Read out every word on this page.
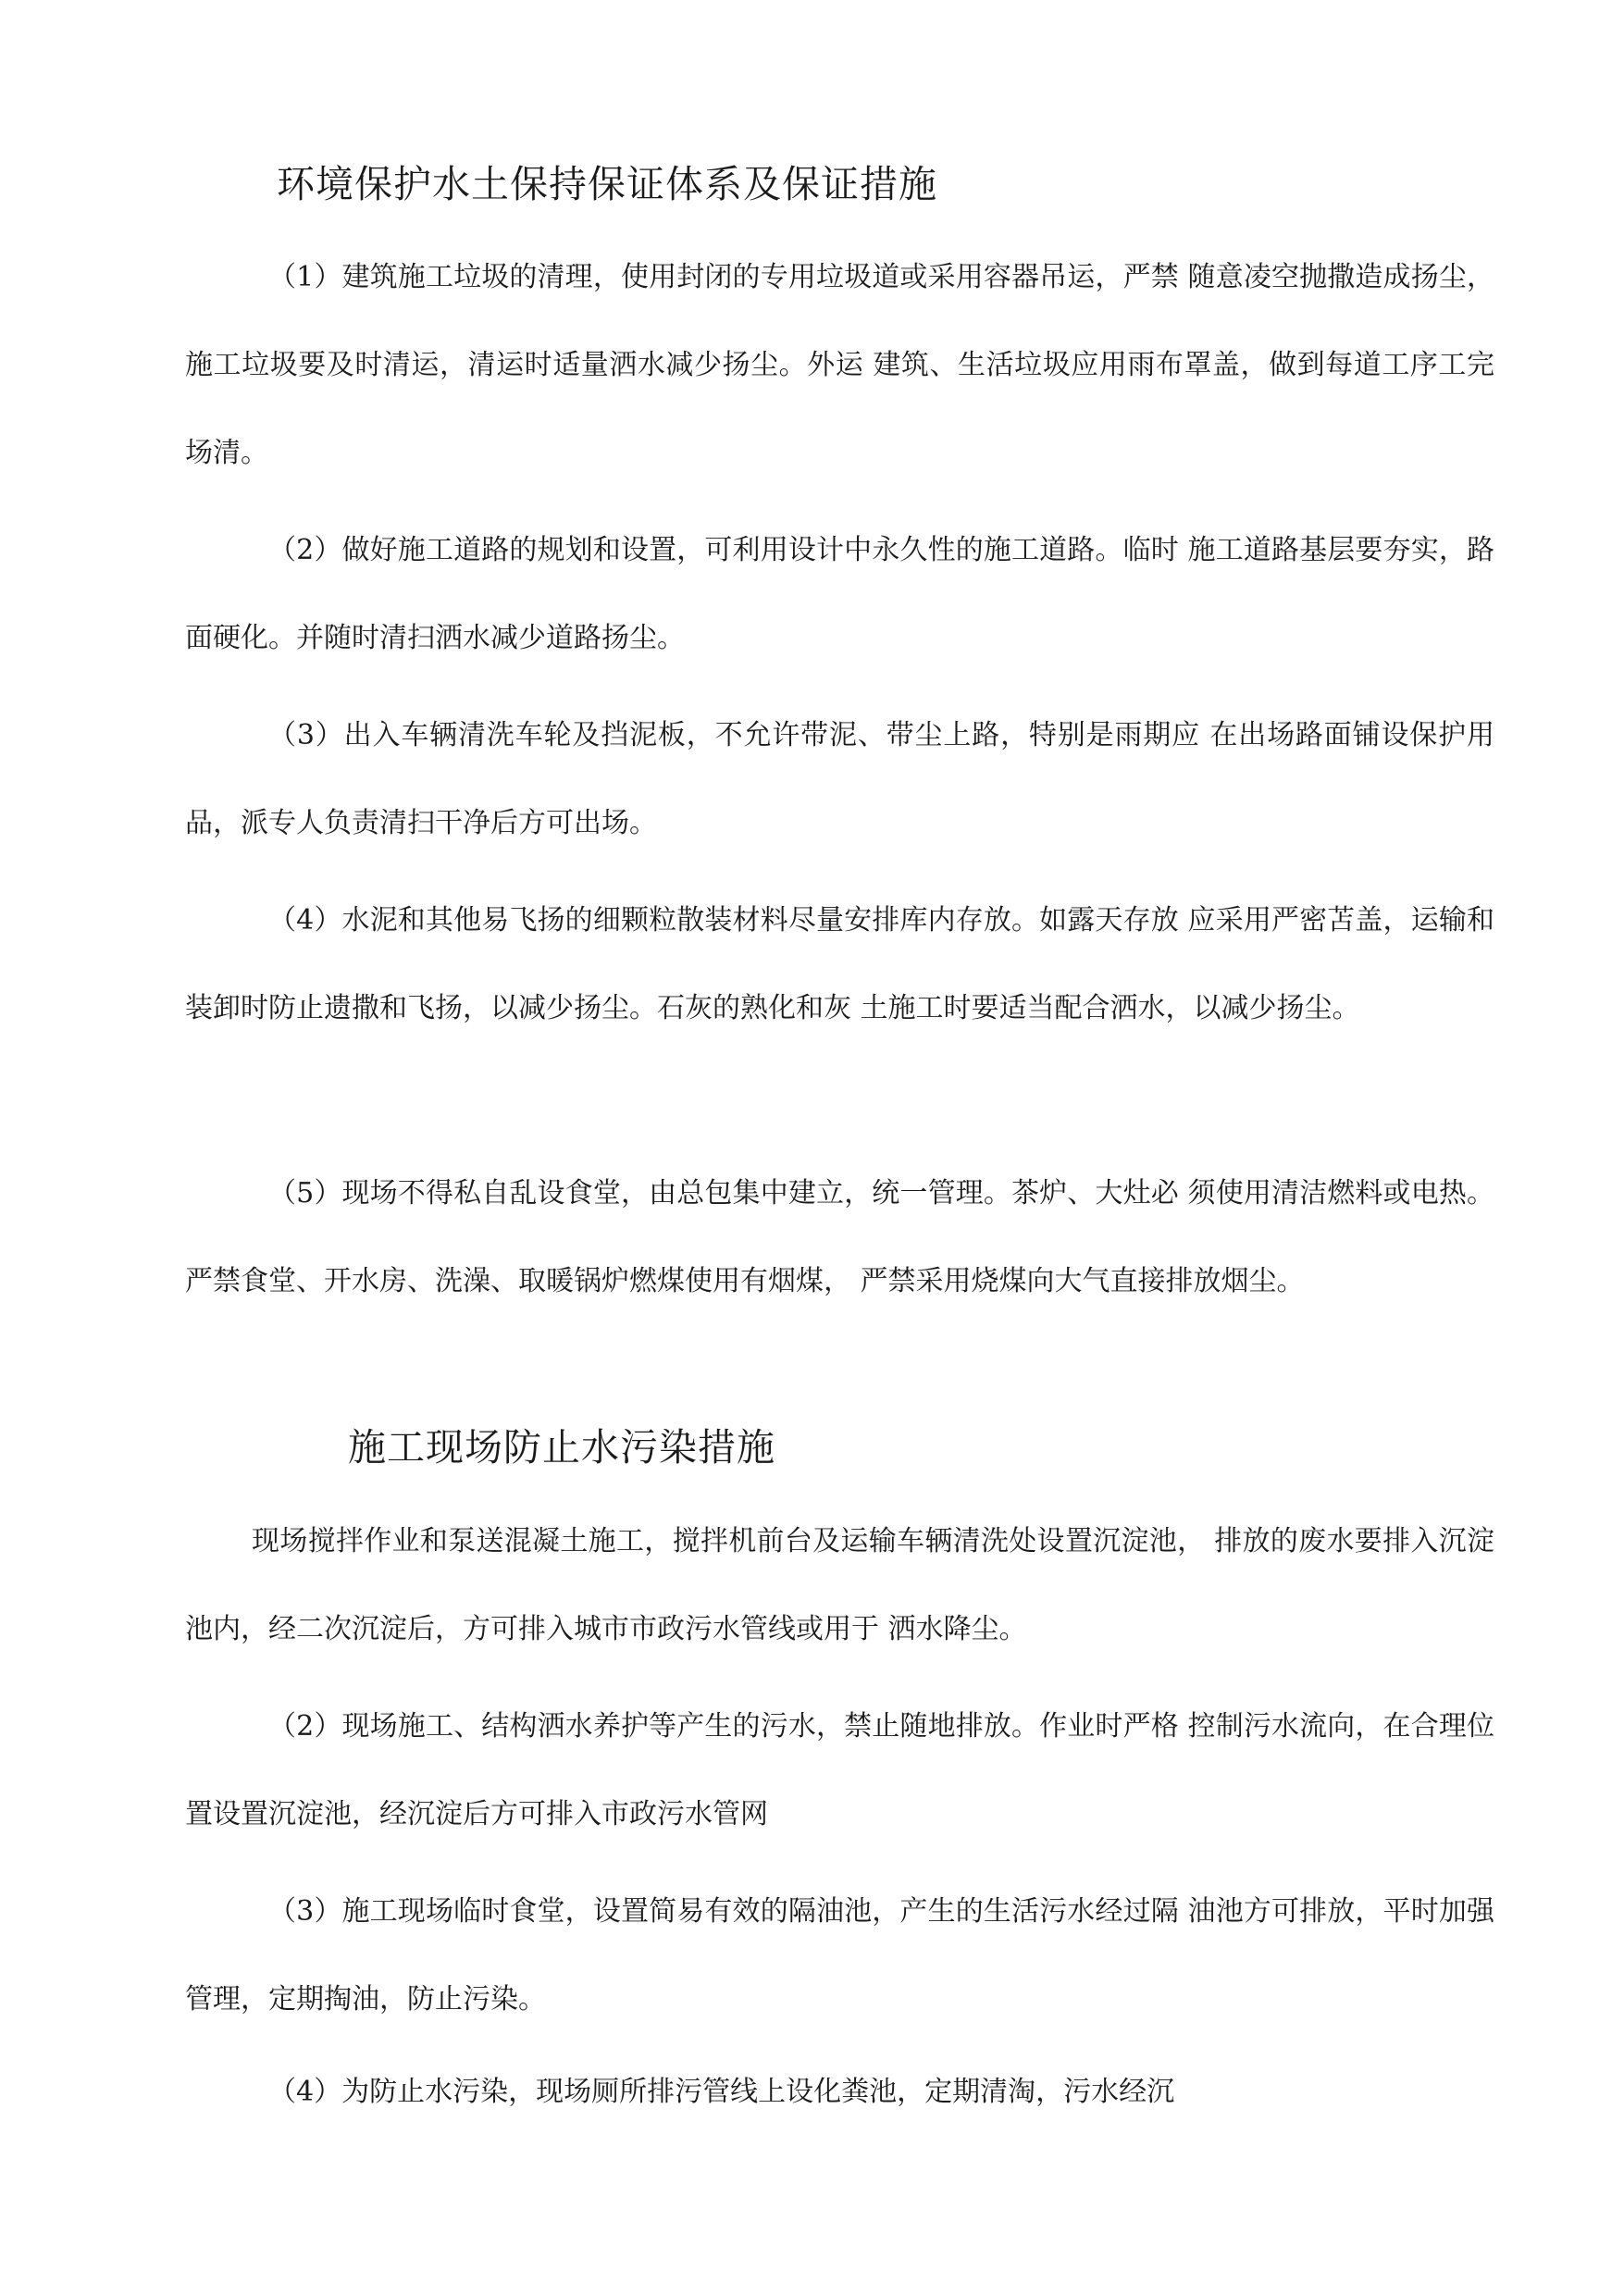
环境保护水土保持保证体系及保证措施

（1）建筑施工垃圾的清理，使用封闭的专用垃圾道或采用容器吊运，严禁 随意凌空抛撒造成扬尘，施工垃圾要及时清运，清运时适量洒水减少扬尘。外运 建筑、生活垃圾应用雨布罩盖，做到每道工序工完场清。

（2）做好施工道路的规划和设置，可利用设计中永久性的施工道路。临时 施工道路基层要夯实，路面硬化。并随时清扫洒水减少道路扬尘。

（3）出入车辆清洗车轮及挡泥板，不允许带泥、带尘上路，特别是雨期应 在出场路面铺设保护用品，派专人负责清扫干净后方可出场。

（4）水泥和其他易飞扬的细颗粒散装材料尽量安排库内存放。如露天存放 应采用严密苫盖，运输和装卸时防止遗撒和飞扬，以减少扬尘。石灰的熟化和灰 土施工时要适当配合洒水，以减少扬尘。

（5）现场不得私自乱设食堂，由总包集中建立，统一管理。茶炉、大灶必 须使用清洁燃料或电热。严禁食堂、开水房、洗澡、取暖锅炉燃煤使用有烟煤， 严禁采用烧煤向大气直接排放烟尘。

施工现场防止水污染措施

现场搅拌作业和泵送混凝土施工，搅拌机前台及运输车辆清洗处设置沉淀池， 排放的废水要排入沉淀池内，经二次沉淀后，方可排入城市市政污水管线或用于 洒水降尘。

（2）现场施工、结构洒水养护等产生的污水，禁止随地排放。作业时严格 控制污水流向，在合理位置设置沉淀池，经沉淀后方可排入市政污水管网

（3）施工现场临时食堂，设置简易有效的隔油池，产生的生活污水经过隔 油池方可排放，平时加强管理，定期掏油，防止污染。

（4）为防止水污染，现场厕所排污管线上设化粪池，定期清淘，污水经沉
